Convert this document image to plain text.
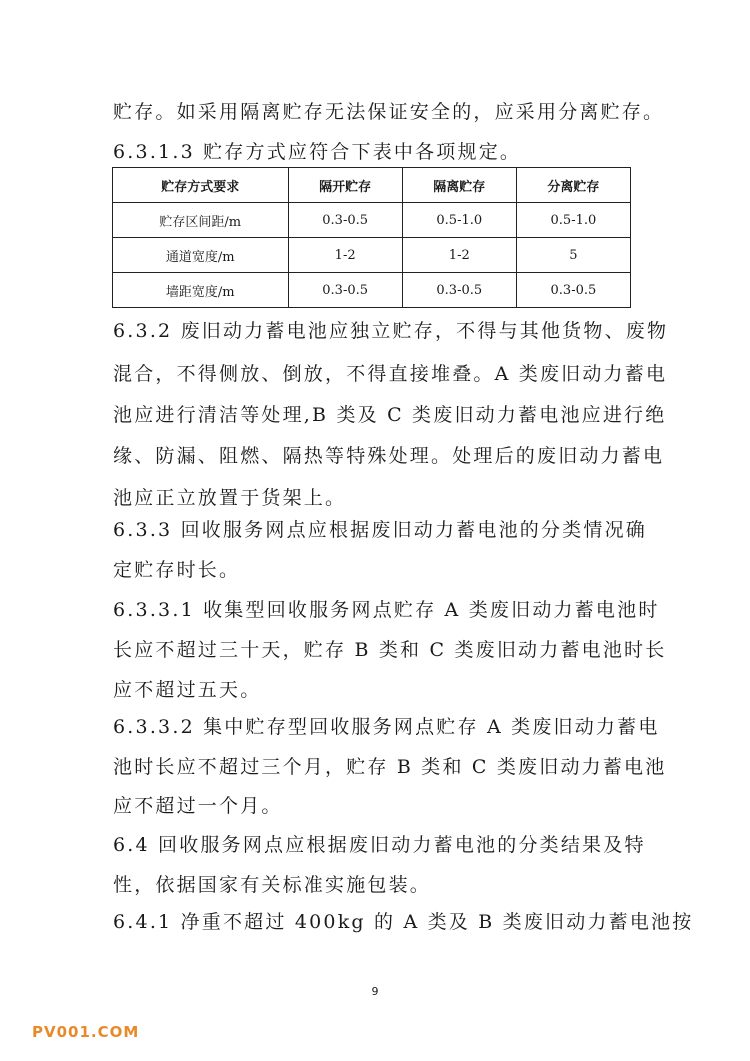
贮存。如采用隔离贮存无法保证安全的，应采用分离贮存。
6.3.1.3 贮存方式应符合下表中各项规定。
贮存方式要求	隔开贮存	隔离贮存	分离贮存
贮存区间距/m	0.3-0.5	0.5-1.0	0.5-1.0
通道宽度/m	1-2	1-2	5
墙距宽度/m	0.3-0.5	0.3-0.5	0.3-0.5
6.3.2 废旧动力蓄电池应独立贮存，不得与其他货物、废物
混合，不得侧放、倒放，不得直接堆叠。A 类废旧动力蓄电
池应进行清洁等处理,B 类及 C 类废旧动力蓄电池应进行绝
缘、防漏、阻燃、隔热等特殊处理。处理后的废旧动力蓄电
池应正立放置于货架上。
6.3.3 回收服务网点应根据废旧动力蓄电池的分类情况确
定贮存时长。
6.3.3.1 收集型回收服务网点贮存 A 类废旧动力蓄电池时
长应不超过三十天，贮存 B 类和 C 类废旧动力蓄电池时长
应不超过五天。
6.3.3.2 集中贮存型回收服务网点贮存 A 类废旧动力蓄电
池时长应不超过三个月，贮存 B 类和 C 类废旧动力蓄电池
应不超过一个月。
6.4 回收服务网点应根据废旧动力蓄电池的分类结果及特
性，依据国家有关标准实施包装。
6.4.1 净重不超过 400kg 的 A 类及 B 类废旧动力蓄电池按
9
PV001.COM
